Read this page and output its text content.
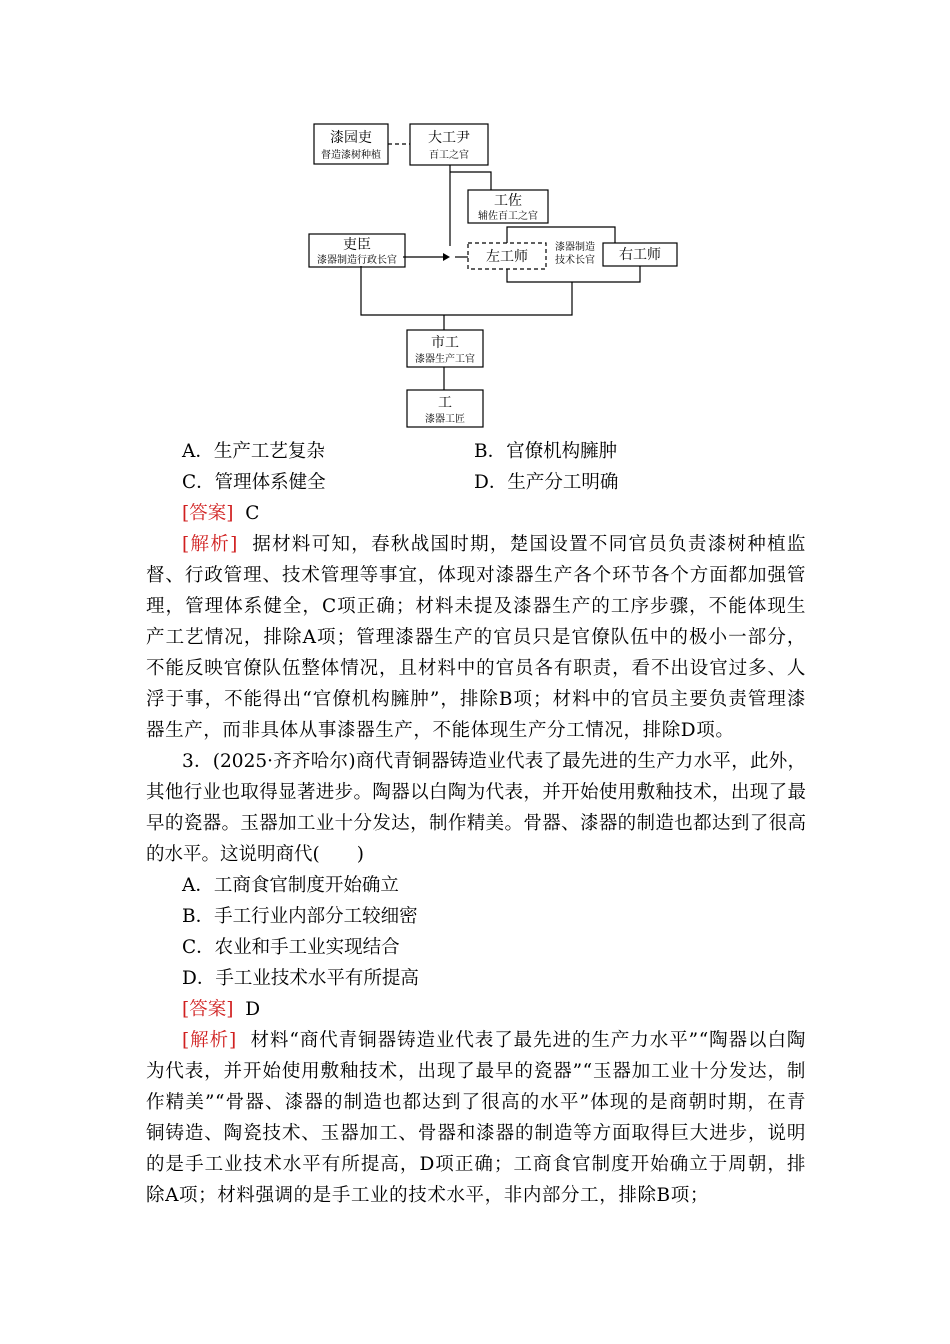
漆园吏
督造漆树种植
大工尹
百工之官
工佐
辅佐百工之官
吏臣
漆器制造行政长官	左工师
漆器制造
技术长官 右工师
市工
漆器生产工官
工
漆器工匠
A．生产工艺复杂	B．官僚机构臃肿
C．管理体系健全	D．生产分工明确
[答案] C
[解析] 据材料可知，春秋战国时期，楚国设置不同官员负责漆树种植监督、行政管理、技术管理等事宜，体现对漆器生产各个环节各个方面都加强管理，管理体系健全，C项正确；材料未提及漆器生产的工序步骤，不能体现生产工艺情况，排除A项；管理漆器生产的官员只是官僚队伍中的极小一部分，不能反映官僚队伍整体情况，且材料中的官员各有职责，看不出设官过多、人浮于事，不能得出“官僚机构臃肿”，排除B项；材料中的官员主要负责管理漆器生产，而非具体从事漆器生产，不能体现生产分工情况，排除D项。
3．(2025·齐齐哈尔)商代青铜器铸造业代表了最先进的生产力水平，此外，其他行业也取得显著进步。陶器以白陶为代表，并开始使用敷釉技术，出现了最早的瓷器。玉器加工业十分发达，制作精美。骨器、漆器的制造也都达到了很高的水平。这说明商代(　　)
A．工商食官制度开始确立
B．手工行业内部分工较细密
C．农业和手工业实现结合
D．手工业技术水平有所提高
[答案] D
[解析] 材料“商代青铜器铸造业代表了最先进的生产力水平”“陶器以白陶为代表，并开始使用敷釉技术，出现了最早的瓷器”“玉器加工业十分发达，制作精美”“骨器、漆器的制造也都达到了很高的水平”体现的是商朝时期，在青铜铸造、陶瓷技术、玉器加工、骨器和漆器的制造等方面取得巨大进步，说明的是手工业技术水平有所提高，D项正确；工商食官制度开始确立于周朝，排除A项；材料强调的是手工业的技术水平，非内部分工，排除B项；
